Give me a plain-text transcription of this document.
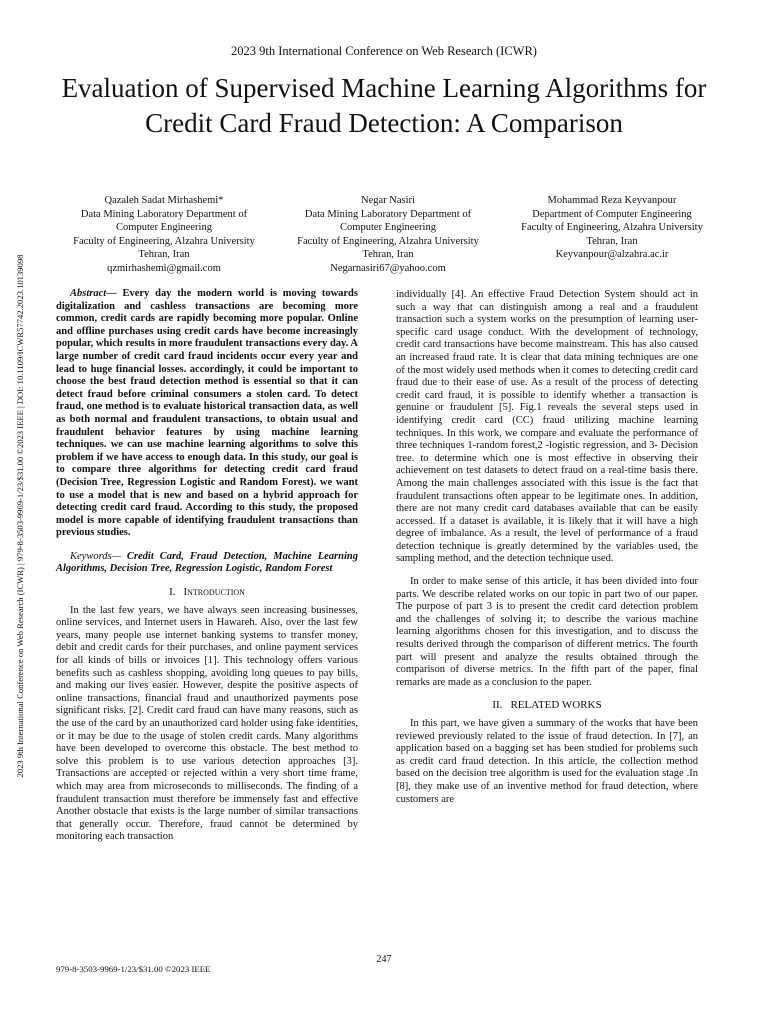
2023 9th International Conference on Web Research (ICWR)
Evaluation of Supervised Machine Learning Algorithms for Credit Card Fraud Detection: A Comparison
Qazaleh Sadat Mirhashemi*
Data Mining Laboratory Department of
Computer Engineering
Faculty of Engineering, Alzahra University
Tehran, Iran
qzmirhashemi@gmail.com
Negar Nasiri
Data Mining Laboratory Department of
Computer Engineering
Faculty of Engineering, Alzahra University
Tehran, Iran
Negarnasiri67@yahoo.com
Mohammad Reza Keyvanpour
Department of Computer Engineering
Faculty of Engineering, Alzahra University
Tehran, Iran
Keyvanpour@alzahra.ac.ir
2023 9th International Conference on Web Research (ICWR) | 979-8-3503-9969-1/23/$31.00 ©2023 IEEE | DOI: 10.1109/ICWR57742.2023.10139098	Abstract— Every day the modern world is moving towards digitalization and cashless transactions are becoming more common, credit cards are rapidly becoming more popular. Online and offline purchases using credit cards have become increasingly popular, which results in more fraudulent transactions every day. A large number of credit card fraud incidents occur every year and lead to huge financial losses. accordingly, it could be important to choose the best fraud detection method is essential so that it can detect fraud before criminal consumers a stolen card. To detect fraud, one method is to evaluate historical transaction data, as well as both normal and fraudulent transactions, to obtain usual and fraudulent behavior features by using machine learning techniques. we can use machine learning algorithms to solve this problem if we have access to enough data. In this study, our goal is to compare three algorithms for detecting credit card fraud (Decision Tree, Regression Logistic and Random Forest). we want to use a model that is new and based on a hybrid approach for detecting credit card fraud. According to this study, the proposed model is more capable of identifying fraudulent transactions than previous studies.

Keywords— Credit Card, Fraud Detection, Machine Learning Algorithms, Decision Tree, Regression Logistic, Random Forest

I. Introduction

In the last few years, we have always seen increasing businesses, online services, and Internet users in Hawareh. Also, over the last few years, many people use internet banking systems to transfer money, debit and credit cards for their purchases, and online payment services for all kinds of bills or invoices [1]. This technology offers various benefits such as cashless shopping, avoiding long queues to pay bills, and making our lives easier. However, despite the positive aspects of online transactions, financial fraud and unauthorized payments pose significant risks. [2]. Credit card fraud can have many reasons, such as the use of the card by an unauthorized card holder using fake identities, or it may be due to the usage of stolen credit cards. Many algorithms have been developed to overcome this obstacle. The best method to solve this problem is to use various detection approaches [3]. Transactions are accepted or rejected within a very short time frame, which may area from microseconds to milliseconds. The finding of a fraudulent transaction must therefore be immensely fast and effective Another obstacle that exists is the large number of similar transactions that generally occur. Therefore, fraud cannot be determined by monitoring each transaction

individually [4]. An effective Fraud Detection System should act in such a way that can distinguish among a real and a fraudulent transaction such a system works on the presumption of learning user-specific card usage conduct. With the development of technology, credit card transactions have become mainstream. This has also caused an increased fraud rate. It is clear that data mining techniques are one of the most widely used methods when it comes to detecting credit card fraud due to their ease of use. As a result of the process of detecting credit card fraud, it is possible to identify whether a transaction is genuine or fraudulent [5]. Fig.1 reveals the several steps used in identifying credit card (CC) fraud utilizing machine learning techniques. In this work, we compare and evaluate the performance of three techniques 1-random forest,2 -logistic regression, and 3- Decision tree. to determine which one is most effective in observing their achievement on test datasets to detect fraud on a real-time basis there. Among the main challenges associated with this issue is the fact that fraudulent transactions often appear to be legitimate ones. In addition, there are not many credit card databases available that can be easily accessed. If a dataset is available, it is likely that it will have a high degree of imbalance. As a result, the level of performance of a fraud detection technique is greatly determined by the variables used, the sampling method, and the detection technique used.

In order to make sense of this article, it has been divided into four parts. We describe related works on our topic in part two of our paper. The purpose of part 3 is to present the credit card detection problem and the challenges of solving it; to describe the various machine learning algorithms chosen for this investigation, and to discuss the results derived through the comparison of different metrics. The fourth part will present and analyze the results obtained through the comparison of diverse metrics. In the fifth part of the paper, final remarks are made as a conclusion to the paper.

II. RELATED WORKS

In this part, we have given a summary of the works that have been reviewed previously related to the issue of fraud detection. In [7], an application based on a bagging set has been studied for problems such as credit card fraud detection. In this article, the collection method based on the decision tree algorithm is used for the evaluation stage .In [8], they make use of an inventive method for fraud detection, where customers are

247
979-8-3503-9969-1/23/$31.00 ©2023 IEEE
